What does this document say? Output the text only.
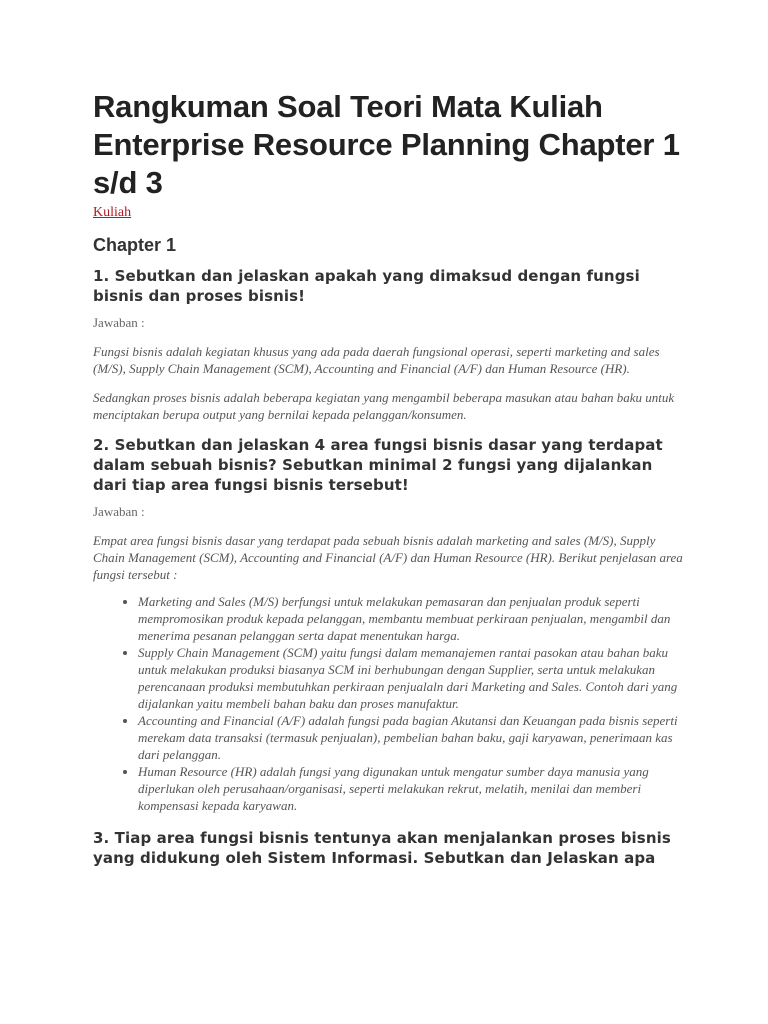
Rangkuman Soal Teori Mata Kuliah Enterprise Resource Planning Chapter 1 s/d 3
Kuliah
Chapter 1
1. Sebutkan dan jelaskan apakah yang dimaksud dengan fungsi bisnis dan proses bisnis!

Jawaban :

Fungsi bisnis adalah kegiatan khusus yang ada pada daerah fungsional operasi, seperti marketing and sales (M/S), Supply Chain Management (SCM), Accounting and Financial (A/F) dan Human Resource (HR).

Sedangkan proses bisnis adalah beberapa kegiatan yang mengambil beberapa masukan atau bahan baku untuk menciptakan berupa output yang bernilai kepada pelanggan/konsumen.

2. Sebutkan dan jelaskan 4 area fungsi bisnis dasar yang terdapat dalam sebuah bisnis? Sebutkan minimal 2 fungsi yang dijalankan dari tiap area fungsi bisnis tersebut!

Jawaban :

Empat area fungsi bisnis dasar yang terdapat pada sebuah bisnis adalah marketing and sales (M/S), Supply Chain Management (SCM), Accounting and Financial (A/F) dan Human Resource (HR). Berikut penjelasan area fungsi tersebut :

• Marketing and Sales (M/S) berfungsi untuk melakukan pemasaran dan penjualan produk seperti mempromosikan produk kepada pelanggan, membantu membuat perkiraan penjualan, mengambil dan menerima pesanan pelanggan serta dapat menentukan harga.
• Supply Chain Management (SCM) yaitu fungsi dalam memanajemen rantai pasokan atau bahan baku untuk melakukan produksi biasanya SCM ini berhubungan dengan Supplier, serta untuk melakukan perencanaan produksi membutuhkan perkiraan penjualaln dari Marketing and Sales. Contoh dari yang dijalankan yaitu membeli bahan baku dan proses manufaktur.
• Accounting and Financial (A/F) adalah fungsi pada bagian Akutansi dan Keuangan pada bisnis seperti merekam data transaksi (termasuk penjualan), pembelian bahan baku, gaji karyawan, penerimaan kas dari pelanggan.
• Human Resource (HR) adalah fungsi yang digunakan untuk mengatur sumber daya manusia yang diperlukan oleh perusahaan/organisasi, seperti melakukan rekrut, melatih, menilai dan memberi kompensasi kepada karyawan.
3. Tiap area fungsi bisnis tentunya akan menjalankan proses bisnis yang didukung oleh Sistem Informasi. Sebutkan dan Jelaskan apa
